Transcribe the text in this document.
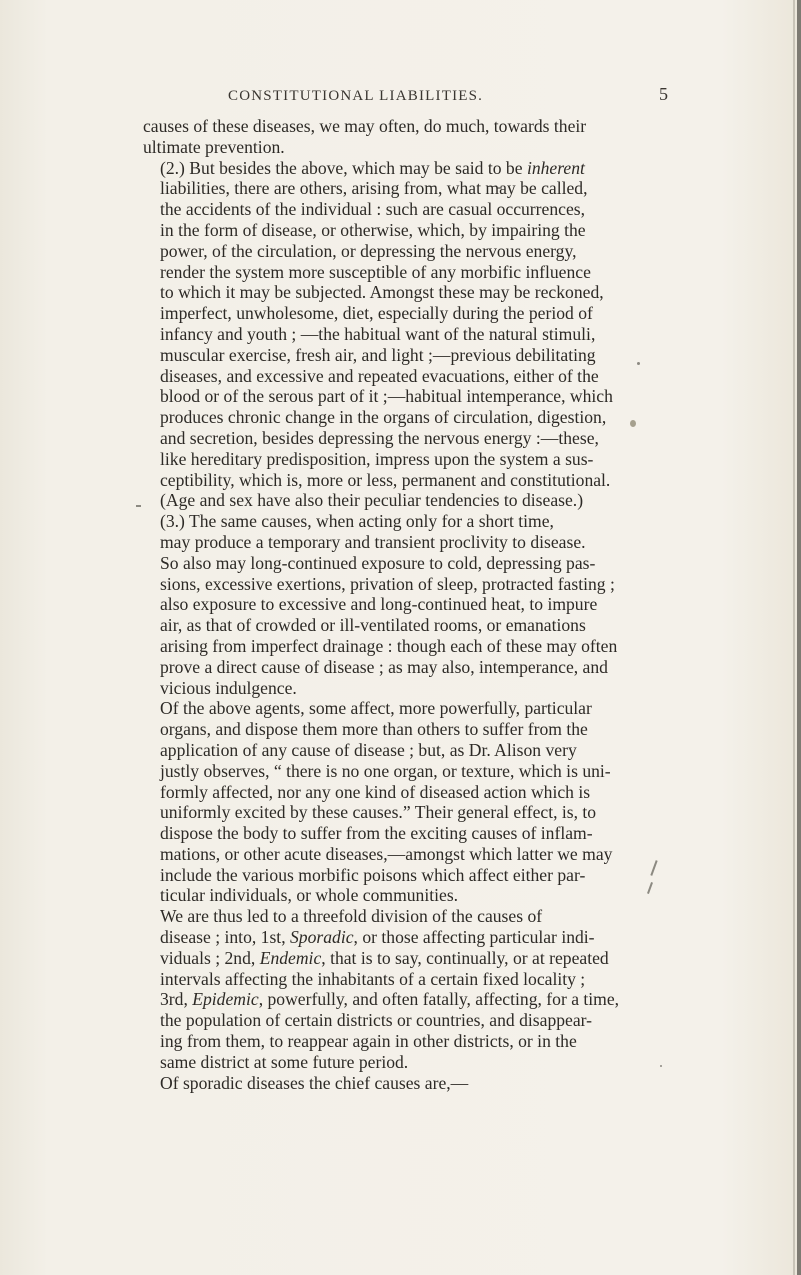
CONSTITUTIONAL LIABILITIES.	5

causes of these diseases, we may often, do much, towards their
ultimate prevention.

(2.) But besides the above, which may be said to be inherent
liabilities, there are others, arising from, what m̵ay be called,
the accidents of the individual : such are casual occurrences,
in the form of disease, or otherwise, which, by impairing the
power, of the circulation, or depressing the nervous energy,
render the system more susceptible of any morbific influence
to which it may be subjected. Amongst these may be reckoned,
imperfect, unwholesome, diet, especially during the period of
infancy and youth ; —the habitual want of the natural stimuli,
muscular exercise, fresh air, and light ;—previous debilitating
diseases, and excessive and repeated evacuations, either of the
blood or of the serous part of it ;—habitual intemperance, which
produces chronic change in the organs of circulation, digestion,
and secretion, besides depressing the nervous energy :—these,
like hereditary predisposition, impress upon the system a sus-
ceptibility, which is, more or less, permanent and constitutional.
(Age and sex have also their peculiar tendencies to disease.)

(3.) The same causes, when acting only for a short time,
may produce a temporary and transient proclivity to disease.
So also may long-continued exposure to cold, depressing pas-
sions, excessive exertions, privation of sleep, protracted fasting ;
also exposure to excessive and long-continued heat, to impure
air, as that of crowded or ill-ventilated rooms, or emanations
arising from imperfect drainage : though each of these may often
prove a direct cause of disease ; as may also, intemperance, and
vicious indulgence.

Of the above agents, some affect, more powerfully, particular
organs, and dispose them more than others to suffer from the
application of any cause of disease ; but, as Dr. Alison very
justly observes, “ there is no one organ, or texture, which is uni-
formly affected, nor any one kind of diseased action which is
uniformly excited by these causes.” Their general effect, is, to
dispose the body to suffer from the exciting causes of inflam-
mations, or other acute diseases,—amongst which latter we may
include the various morbific poisons which affect either par-
ticular individuals, or whole communities.

We are thus led to a threefold division of the causes of
disease ; into, 1st, Sporadic, or those affecting particular indi-
viduals ; 2nd, Endemic, that is to say, continually, or at repeated
intervals affecting the inhabitants of a certain fixed locality ;
3rd, Epidemic, powerfully, and often fatally, affecting, for a time,
the population of certain districts or countries, and disappear-
ing from them, to reappear again in other districts, or in the
same district at some future period.

Of sporadic diseases the chief causes are,—
